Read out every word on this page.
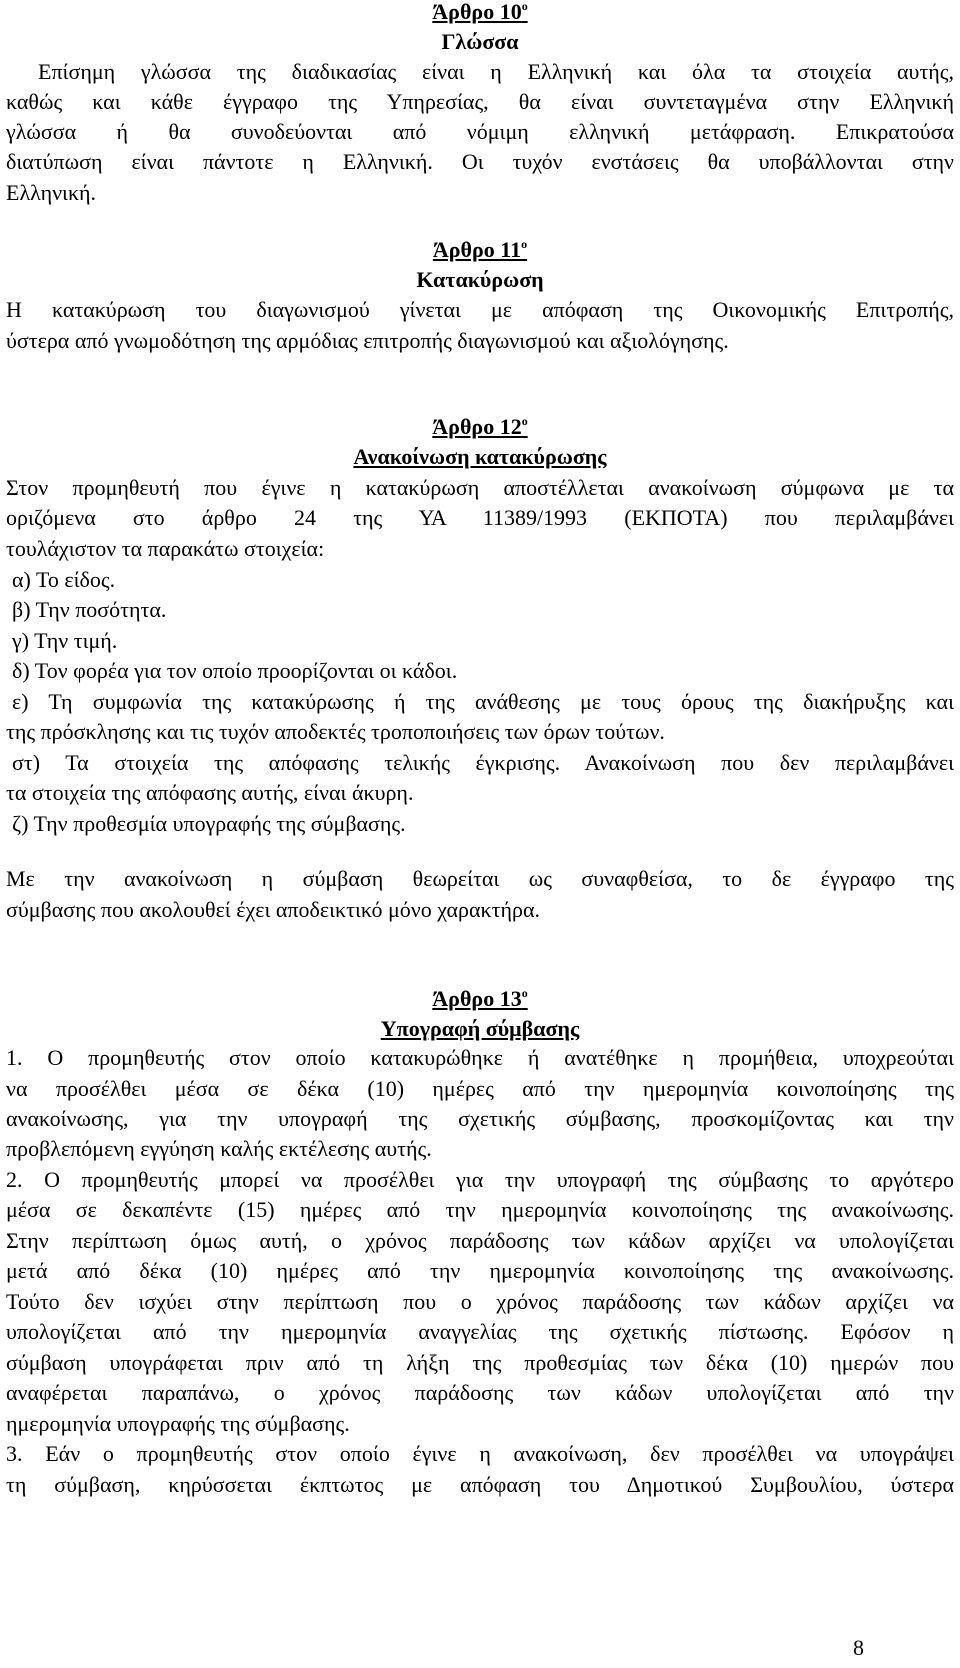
Άρθρο $10^o$
Γλώσσα
Επίσημη γλώσσα της διαδικασίας είναι η Ελληνική και όλα τα στοιχεία αυτής,
καθώς και κάθε έγγραφο της Υπηρεσίας, θα είναι συντεταγμένα στην Ελληνική
γλώσσα ή θα συνοδεύονται από νόμιμη ελληνική μετάφραση. Επικρατούσα
διατύπωση είναι πάντοτε η Ελληνική. Οι τυχόν ενστάσεις θα υποβάλλονται στην
Ελληνική.
Άρθρο $11^o$
Κατακύρωση
Η κατακύρωση του διαγωνισμού γίνεται με απόφαση της Οικονομικής Επιτροπής,
ύστερα από γνωμοδότηση της αρμόδιας επιτροπής διαγωνισμού και αξιολόγησης.
Άρθρο $12^o$
Ανακοίνωση κατακύρωσης
Στον προμηθευτή που έγινε η κατακύρωση αποστέλλεται ανακοίνωση σύμφωνα με τα
οριζόμενα στο άρθρο 24 της ΥΑ 11389/1993 (ΕΚΠΟΤΑ) που περιλαμβάνει
τουλάχιστον τα παρακάτω στοιχεία:
α) Το είδος.
β) Την ποσότητα.
γ) Την τιμή.
δ) Τον φορέα για τον οποίο προορίζονται οι κάδοι.
ε) Τη συμφωνία της κατακύρωσης ή της ανάθεσης με τους όρους της διακήρυξης και
της πρόσκλησης και τις τυχόν αποδεκτές τροποποιήσεις των όρων τούτων.
στ) Τα στοιχεία της απόφασης τελικής έγκρισης. Ανακοίνωση που δεν περιλαμβάνει
τα στοιχεία της απόφασης αυτής, είναι άκυρη.
ζ) Την προθεσμία υπογραφής της σύμβασης.
Με την ανακοίνωση η σύμβαση θεωρείται ως συναφθείσα, το δε έγγραφο της
σύμβασης που ακολουθεί έχει αποδεικτικό μόνο χαρακτήρα.
Άρθρο $13^o$
Υπογραφή σύμβασης
1. Ο προμηθευτής στον οποίο κατακυρώθηκε ή ανατέθηκε η προμήθεια, υποχρεούται
να προσέλθει μέσα σε δέκα (10) ημέρες από την ημερομηνία κοινοποίησης της
ανακοίνωσης, για την υπογραφή της σχετικής σύμβασης, προσκομίζοντας και την
προβλεπόμενη εγγύηση καλής εκτέλεσης αυτής.
2. Ο προμηθευτής μπορεί να προσέλθει για την υπογραφή της σύμβασης το αργότερο
μέσα σε δεκαπέντε (15) ημέρες από την ημερομηνία κοινοποίησης της ανακοίνωσης.
Στην περίπτωση όμως αυτή, ο χρόνος παράδοσης των κάδων αρχίζει να υπολογίζεται
μετά από δέκα (10) ημέρες από την ημερομηνία κοινοποίησης της ανακοίνωσης.
Τούτο δεν ισχύει στην περίπτωση που ο χρόνος παράδοσης των κάδων αρχίζει να
υπολογίζεται από την ημερομηνία αναγγελίας της σχετικής πίστωσης. Εφόσον η
σύμβαση υπογράφεται πριν από τη λήξη της προθεσμίας των δέκα (10) ημερών που
αναφέρεται παραπάνω, ο χρόνος παράδοσης των κάδων υπολογίζεται από την
ημερομηνία υπογραφής της σύμβασης.
3. Εάν ο προμηθευτής στον οποίο έγινε η ανακοίνωση, δεν προσέλθει να υπογράψει
τη σύμβαση, κηρύσσεται έκπτωτος με απόφαση του Δημοτικού Συμβουλίου, ύστερα
8
